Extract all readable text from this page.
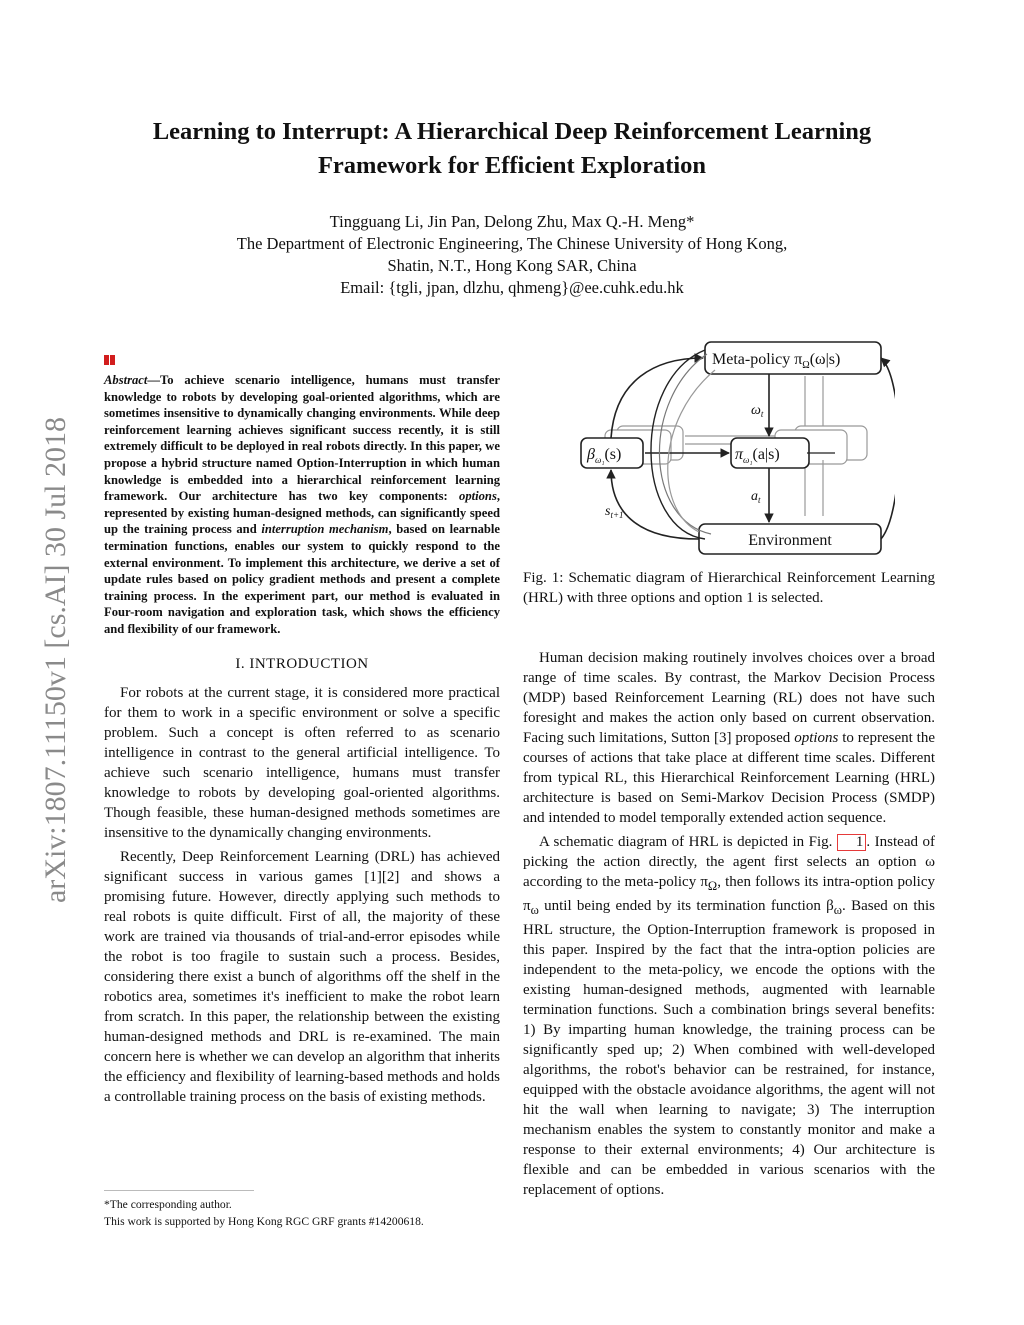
Learning to Interrupt: A Hierarchical Deep Reinforcement Learning
Framework for Efficient Exploration
Tingguang Li, Jin Pan, Delong Zhu, Max Q.-H. Meng*
The Department of Electronic Engineering, The Chinese University of Hong Kong,
Shatin, N.T., Hong Kong SAR, China
Email: {tgli, jpan, dlzhu, qhmeng}@ee.cuhk.edu.hk
arXiv:1807.11150v1 [cs.AI] 30 Jul 2018
Abstract—To achieve scenario intelligence, humans must transfer knowledge to robots by developing goal-oriented algorithms, which are sometimes insensitive to dynamically changing environments. While deep reinforcement learning achieves significant success recently, it is still extremely difficult to be deployed in real robots directly. In this paper, we propose a hybrid structure named Option-Interruption in which human knowledge is embedded into a hierarchical reinforcement learning framework. Our architecture has two key components: options, represented by existing human-designed methods, can significantly speed up the training process and interruption mechanism, based on learnable termination functions, enables our system to quickly respond to the external environment. To implement this architecture, we derive a set of update rules based on policy gradient methods and present a complete training process. In the experiment part, our method is evaluated in Four-room navigation and exploration task, which shows the efficiency and flexibility of our framework.
I. INTRODUCTION

For robots at the current stage, it is considered more practical for them to work in a specific environment or solve a specific problem. Such a concept is often referred to as scenario intelligence in contrast to the general artificial intelligence. To achieve such scenario intelligence, humans must transfer knowledge to robots by developing goal-oriented algorithms. Though feasible, these human-designed methods sometimes are insensitive to the dynamically changing environments.

Recently, Deep Reinforcement Learning (DRL) has achieved significant success in various games [1][2] and shows a promising future. However, directly applying such methods to real robots is quite difficult. First of all, the majority of these work are trained via thousands of trial-and-error episodes while the robot is too fragile to sustain such a process. Besides, considering there exist a bunch of algorithms off the shelf in the robotics area, sometimes it's inefficient to make the robot learn from scratch. In this paper, the relationship between the existing human-designed methods and DRL is re-examined. The main concern here is whether we can develop an algorithm that inherits the efficiency and flexibility of learning-based methods and holds a controllable training process on the basis of existing methods.

*The corresponding author.
This work is supported by Hong Kong RGC GRF grants #14200618.
Meta-policy $\pi_\Omega(\omega|s)$
$\beta_{\omega_1}(s)$	$\pi_{\omega_1}(a|s)$
Environment
$\omega_t$
$a_t$
$s_{t+1}$
Fig. 1: Schematic diagram of Hierarchical Reinforcement Learning (HRL) with three options and option 1 is selected.

Human decision making routinely involves choices over a broad range of time scales. By contrast, the Markov Decision Process (MDP) based Reinforcement Learning (RL) does not have such foresight and makes the action only based on current observation. Facing such limitations, Sutton [3] proposed options to represent the courses of actions that take place at different time scales. Different from typical RL, this Hierarchical Reinforcement Learning (HRL) architecture is based on Semi-Markov Decision Process (SMDP) and intended to model temporally extended action sequence.

A schematic diagram of HRL is depicted in Fig. 1 . Instead of picking the action directly, the agent first selects an option ω according to the meta-policy $\pi_\Omega$, then follows its intra-option policy $\pi_\omega$ until being ended by its termination function $\beta_\omega$. Based on this HRL structure, the Option-Interruption framework is proposed in this paper. Inspired by the fact that the intra-option policies are independent to the meta-policy, we encode the options with the existing human-designed methods, augmented with learnable termination functions. Such a combination brings several benefits: 1) By imparting human knowledge, the training process can be significantly sped up; 2) When combined with well-developed algorithms, the robot's behavior can be restrained, for instance, equipped with the obstacle avoidance algorithms, the agent will not hit the wall when learning to navigate; 3) The interruption mechanism enables the system to constantly monitor and make a response to their external environments; 4) Our architecture is flexible and can be embedded in various scenarios with the replacement of options.
